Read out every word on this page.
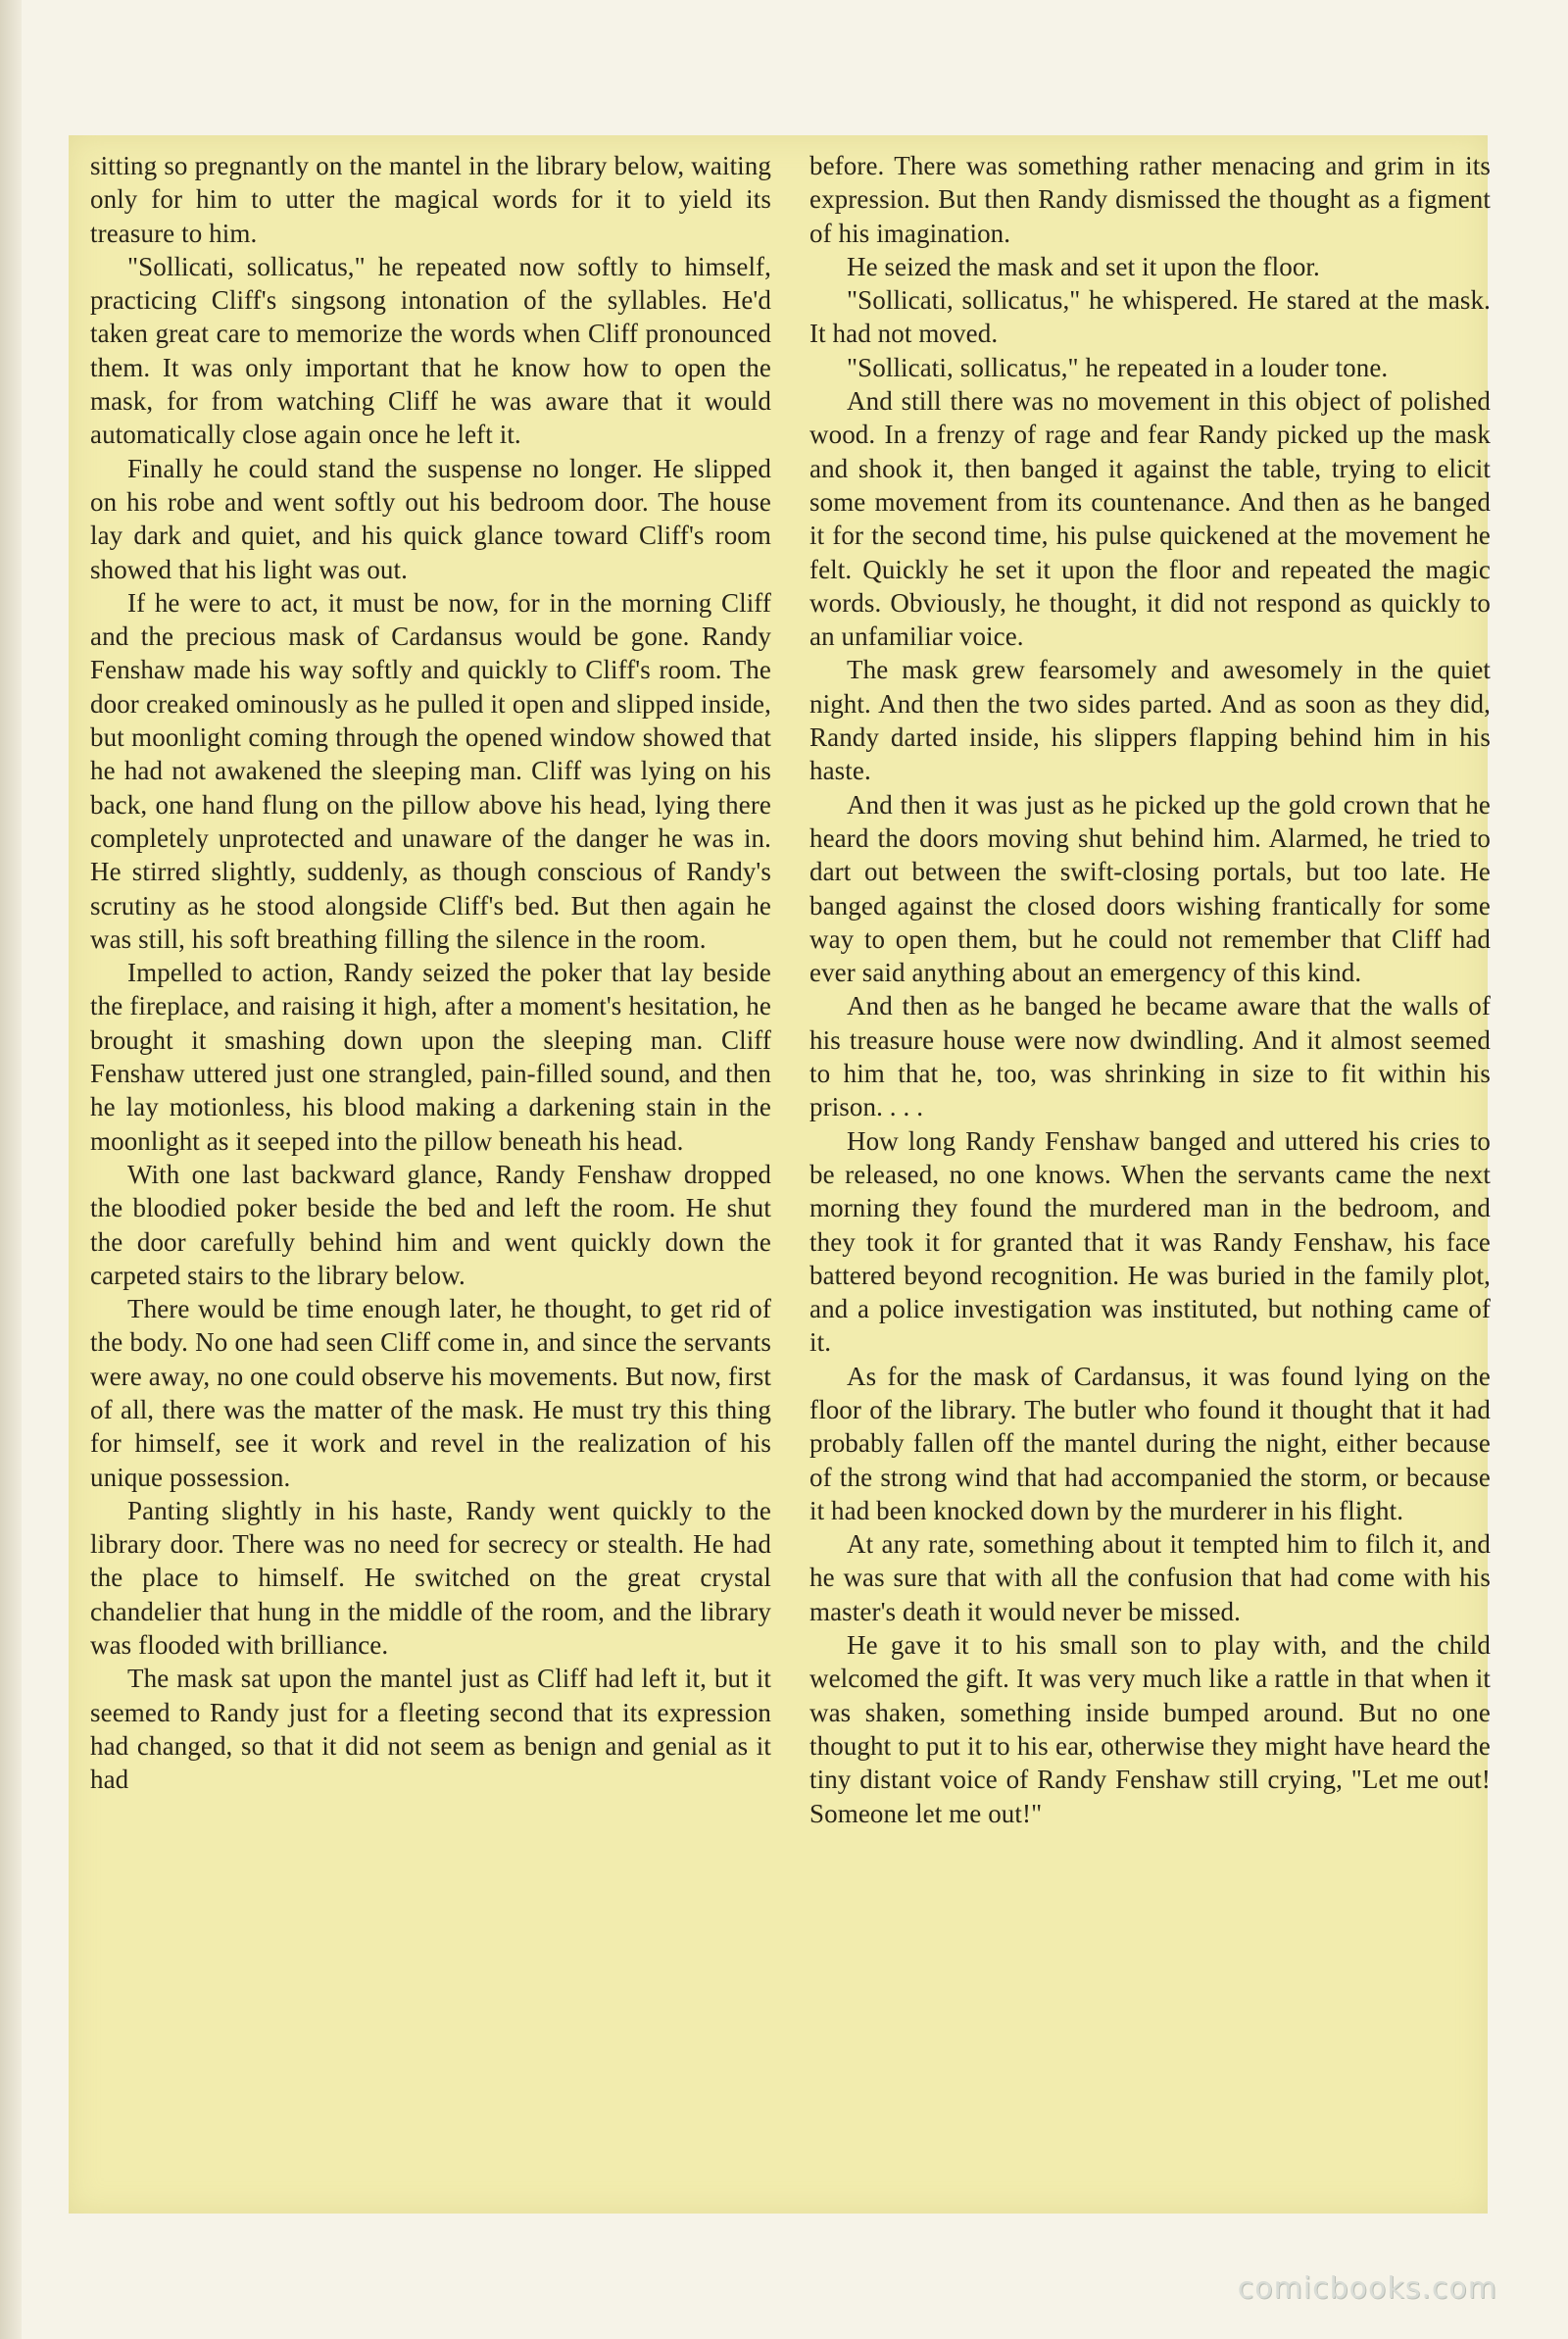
sitting so pregnantly on the mantel in the library below, waiting only for him to utter the magical words for it to yield its treasure to him.

"Sollicati, sollicatus," he repeated now softly to himself, practicing Cliff's singsong intonation of the syllables. He'd taken great care to memorize the words when Cliff pronounced them. It was only important that he know how to open the mask, for from watching Cliff he was aware that it would automatically close again once he left it.

Finally he could stand the suspense no longer. He slipped on his robe and went softly out his bedroom door. The house lay dark and quiet, and his quick glance toward Cliff's room showed that his light was out.

If he were to act, it must be now, for in the morning Cliff and the precious mask of Cardansus would be gone. Randy Fenshaw made his way softly and quickly to Cliff's room. The door creaked ominously as he pulled it open and slipped inside, but moonlight coming through the opened window showed that he had not awakened the sleeping man. Cliff was lying on his back, one hand flung on the pillow above his head, lying there completely unprotected and unaware of the danger he was in. He stirred slightly, suddenly, as though conscious of Randy's scrutiny as he stood alongside Cliff's bed. But then again he was still, his soft breathing filling the silence in the room.

Impelled to action, Randy seized the poker that lay beside the fireplace, and raising it high, after a moment's hesitation, he brought it smashing down upon the sleeping man. Cliff Fenshaw uttered just one strangled, pain-filled sound, and then he lay motionless, his blood making a darkening stain in the moonlight as it seeped into the pillow beneath his head.

With one last backward glance, Randy Fenshaw dropped the bloodied poker beside the bed and left the room. He shut the door carefully behind him and went quickly down the carpeted stairs to the library below.

There would be time enough later, he thought, to get rid of the body. No one had seen Cliff come in, and since the servants were away, no one could observe his movements. But now, first of all, there was the matter of the mask. He must try this thing for himself, see it work and revel in the realization of his unique possession.

Panting slightly in his haste, Randy went quickly to the library door. There was no need for secrecy or stealth. He had the place to himself. He switched on the great crystal chandelier that hung in the middle of the room, and the library was flooded with brilliance.

The mask sat upon the mantel just as Cliff had left it, but it seemed to Randy just for a fleeting second that its expression had changed, so that it did not seem as benign and genial as it had

before. There was something rather menacing and grim in its expression. But then Randy dismissed the thought as a figment of his imagination.

He seized the mask and set it upon the floor.

"Sollicati, sollicatus," he whispered. He stared at the mask. It had not moved.

"Sollicati, sollicatus," he repeated in a louder tone.

And still there was no movement in this object of polished wood. In a frenzy of rage and fear Randy picked up the mask and shook it, then banged it against the table, trying to elicit some movement from its countenance. And then as he banged it for the second time, his pulse quickened at the movement he felt. Quickly he set it upon the floor and repeated the magic words. Obviously, he thought, it did not respond as quickly to an unfamiliar voice.

The mask grew fearsomely and awesomely in the quiet night. And then the two sides parted. And as soon as they did, Randy darted inside, his slippers flapping behind him in his haste.

And then it was just as he picked up the gold crown that he heard the doors moving shut behind him. Alarmed, he tried to dart out between the swift-closing portals, but too late. He banged against the closed doors wishing frantically for some way to open them, but he could not remember that Cliff had ever said anything about an emergency of this kind.

And then as he banged he became aware that the walls of his treasure house were now dwindling. And it almost seemed to him that he, too, was shrinking in size to fit within his prison. . . .

How long Randy Fenshaw banged and uttered his cries to be released, no one knows. When the servants came the next morning they found the murdered man in the bedroom, and they took it for granted that it was Randy Fenshaw, his face battered beyond recognition. He was buried in the family plot, and a police investigation was instituted, but nothing came of it.

As for the mask of Cardansus, it was found lying on the floor of the library. The butler who found it thought that it had probably fallen off the mantel during the night, either because of the strong wind that had accompanied the storm, or because it had been knocked down by the murderer in his flight.

At any rate, something about it tempted him to filch it, and he was sure that with all the confusion that had come with his master's death it would never be missed.

He gave it to his small son to play with, and the child welcomed the gift. It was very much like a rattle in that when it was shaken, something inside bumped around. But no one thought to put it to his ear, otherwise they might have heard the tiny distant voice of Randy Fenshaw still crying, "Let me out! Someone let me out!"

comicbooks.com
